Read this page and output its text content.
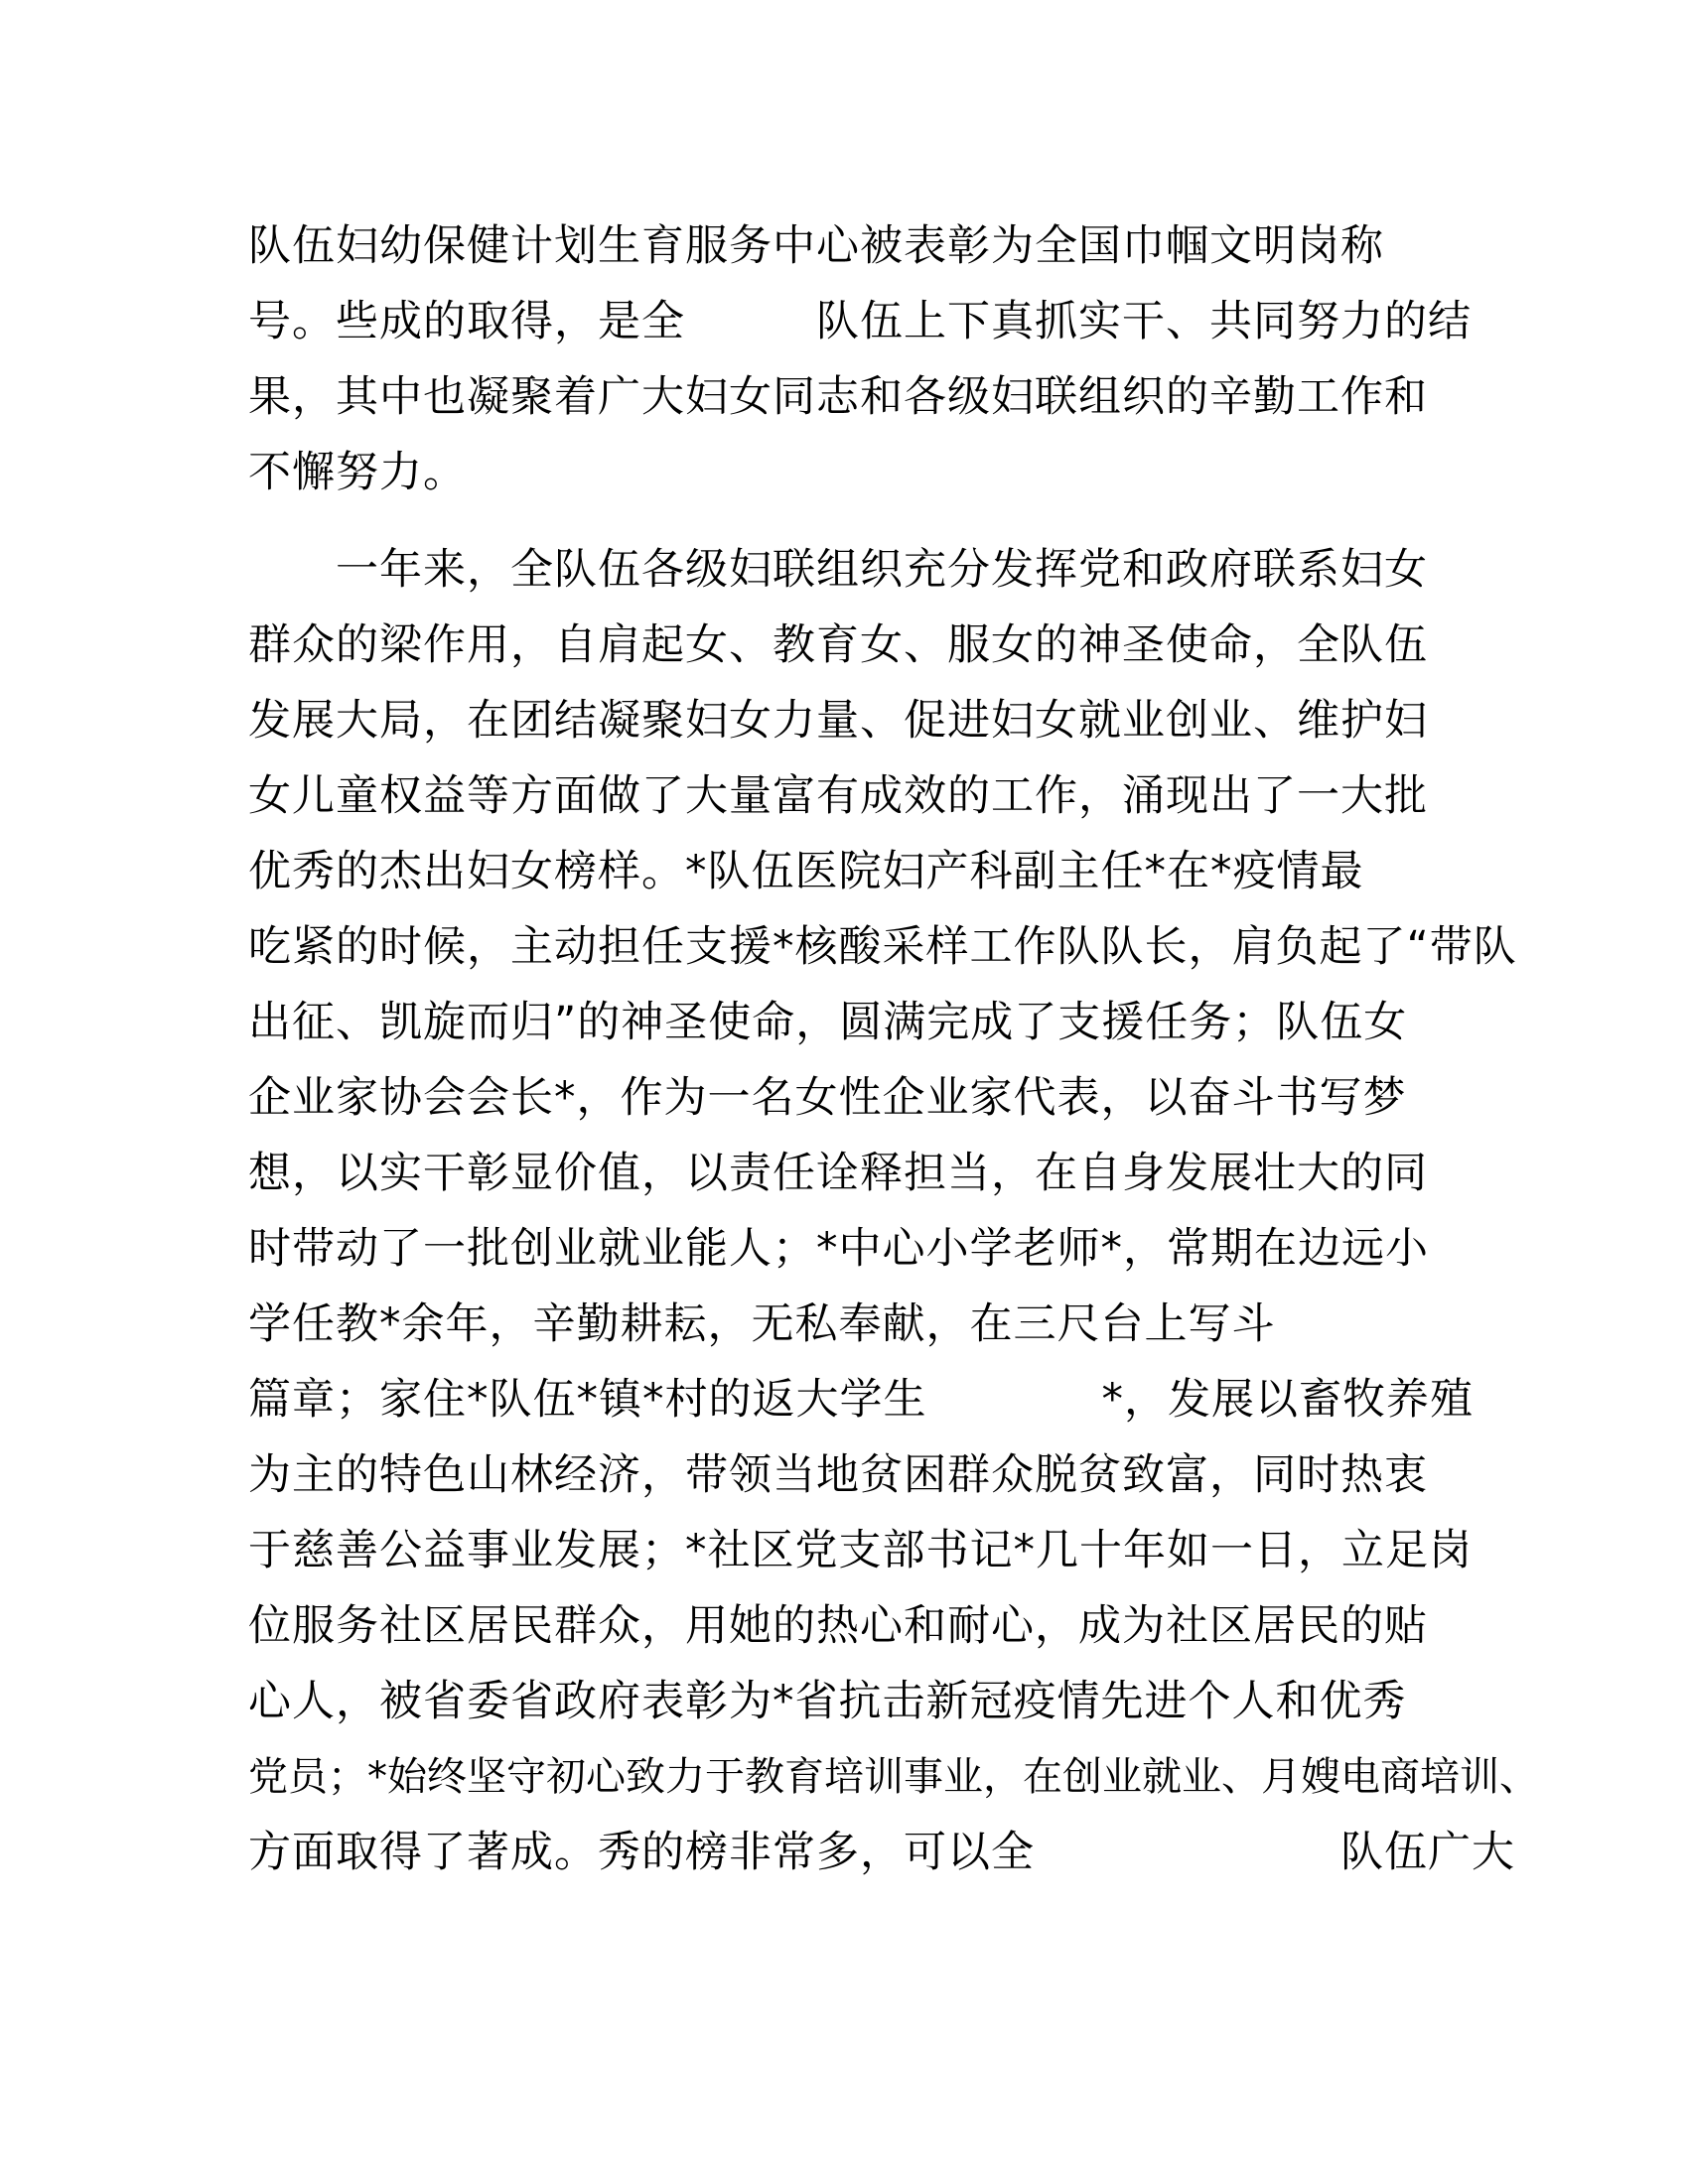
队伍妇幼保健计划生育服务中心被表彰为全国巾帼文明岗称
号。些成的取得，是全　　　队伍上下真抓实干、共同努力的结
果，其中也凝聚着广大妇女同志和各级妇联组织的辛勤工作和
不懈努力。
　　一年来，全队伍各级妇联组织充分发挥党和政府联系妇女
群众的梁作用，自肩起女、教育女、服女的神圣使命，全队伍
发展大局，在团结凝聚妇女力量、促进妇女就业创业、维护妇
女儿童权益等方面做了大量富有成效的工作，涌现出了一大批
优秀的杰出妇女榜样。*队伍医院妇产科副主任*在*疫情最
吃紧的时候，主动担任支援*核酸采样工作队队长，肩负起了“带队
出征、凯旋而归”的神圣使命，圆满完成了支援任务；队伍女
企业家协会会长*，作为一名女性企业家代表，以奋斗书写梦
想，以实干彰显价值，以责任诠释担当，在自身发展壮大的同
时带动了一批创业就业能人；*中心小学老师*，常期在边远小
学任教*余年，辛勤耕耘，无私奉献，在三尺台上写斗
篇章；家住*队伍*镇*村的返大学生　　　　*，发展以畜牧养殖
为主的特色山林经济，带领当地贫困群众脱贫致富，同时热衷
于慈善公益事业发展；*社区党支部书记*几十年如一日，立足岗
位服务社区居民群众，用她的热心和耐心，成为社区居民的贴
心人，被省委省政府表彰为*省抗击新冠疫情先进个人和优秀
党员；*始终坚守初心致力于教育培训事业，在创业就业、月嫂电商培训、
方面取得了著成。秀的榜非常多，可以全　　　　　　　队伍广大
